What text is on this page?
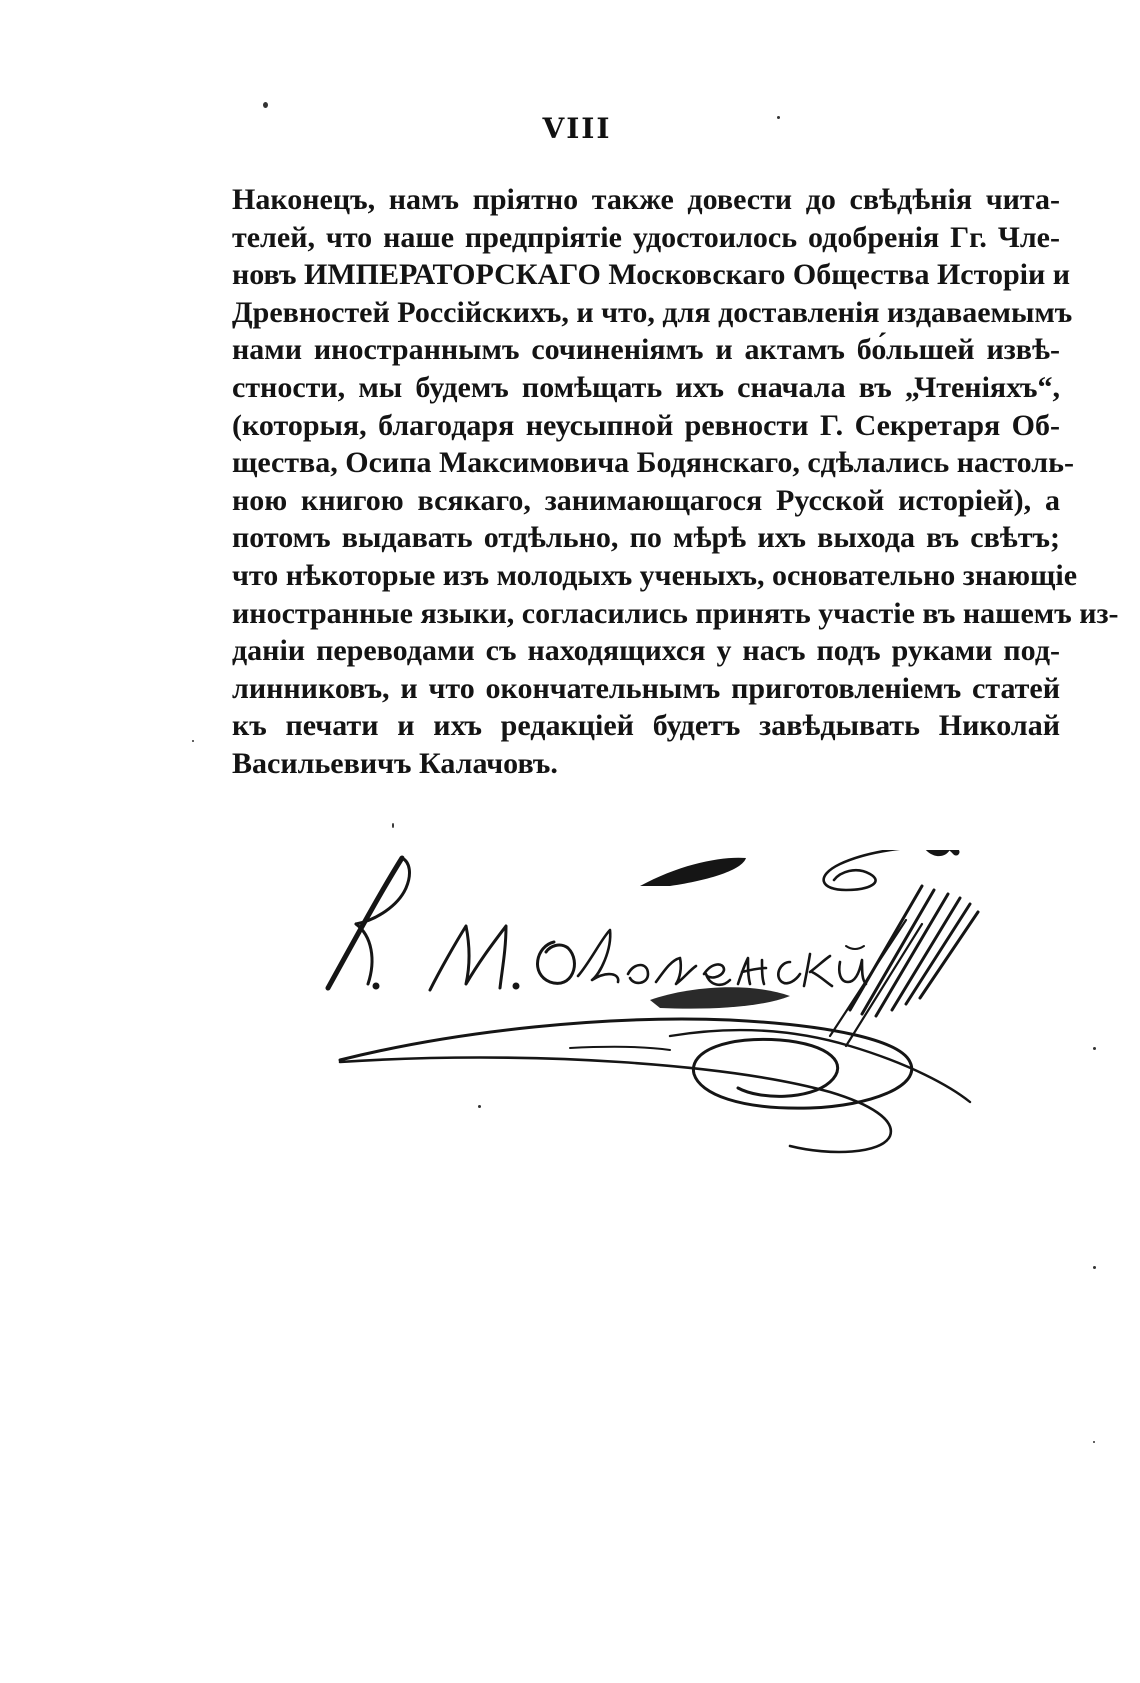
VIII
Наконецъ, намъ пріятно также довести до свѣдѣнія чита-
телей, что наше предпріятіе удостоилось одобренія Гг. Чле-
новъ ИМПЕРАТОРСКАГО Московскаго Общества Исторіи и
Древностей Россійскихъ, и что, для доставленія издаваемымъ
нами иностраннымъ сочиненіямъ и актамъ бо́льшей извѣ-
стности, мы будемъ помѣщать ихъ сначала въ „Чтеніяхъ“,
(которыя, благодаря неусыпной ревности Г. Секретаря Об-
щества, Осипа Максимовича Бодянскаго, сдѣлались настоль-
ною книгою всякаго, занимающагося Русской исторіей), а
потомъ выдавать отдѣльно, по мѣрѣ ихъ выхода въ свѣтъ;
что нѣкоторые изъ молодыхъ ученыхъ, основательно знающіе
иностранные языки, согласились принять участіе въ нашемъ из-
даніи переводами съ находящихся у насъ подъ руками под-
линниковъ, и что окончательнымъ приготовленіемъ статей
къ печати и ихъ редакціей будетъ завѣдывать Николай
Васильевичъ Калачовъ.
